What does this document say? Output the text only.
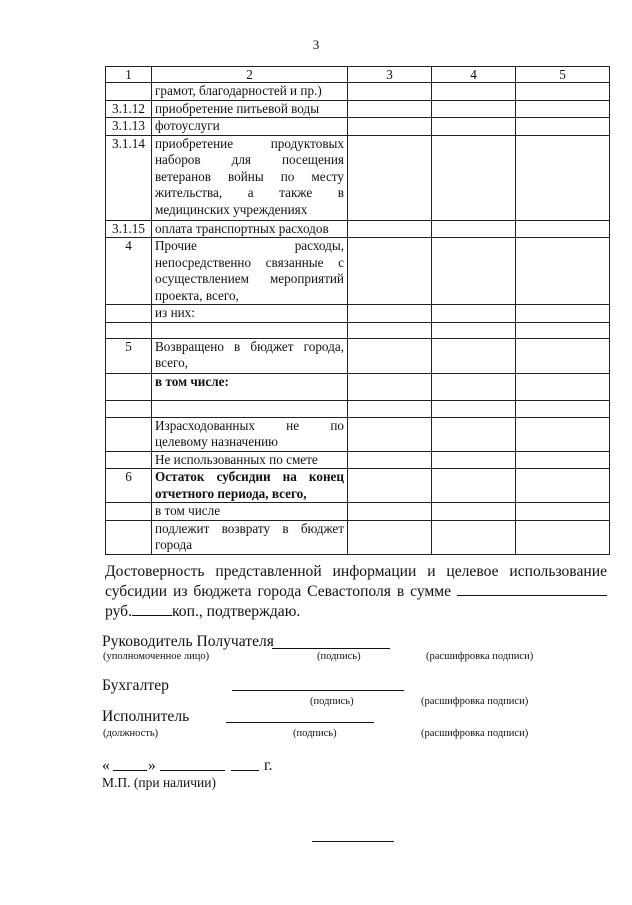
3
1	2	3	4	5
	грамот, благодарностей и пр.)			
3.1.12	приобретение питьевой воды			
3.1.13	фотоуслуги			
3.1.14	приобретение продуктовых наборов для посещения ветеранов войны по месту жительства, а также в медицинских учреждениях			
3.1.15	оплата транспортных расходов			
4	Прочие расходы, непосредственно связанные с осуществлением мероприятий проекта, всего,			
	из них:			

5	Возвращено в бюджет города, всего,			
	в том числе:			

	Израсходованных не по целевому назначению			
	Не использованных по смете			
6	Остаток субсидии на конец отчетного периода, всего,			
	в том числе			
	подлежит возврату в бюджет города			
Достоверность представленной информации и целевое использование субсидии из бюджета города Севастополя в сумме  руб.	коп., подтверждаю.
Руководитель Получателя
(уполномоченное лицо)	(подпись)	(расшифровка подписи)
Бухгалтер
(подпись)	(расшифровка подписи)
Исполнитель
(должность)	(подпись)	(расшифровка подписи)
« »	г.
М.П. (при наличии)
